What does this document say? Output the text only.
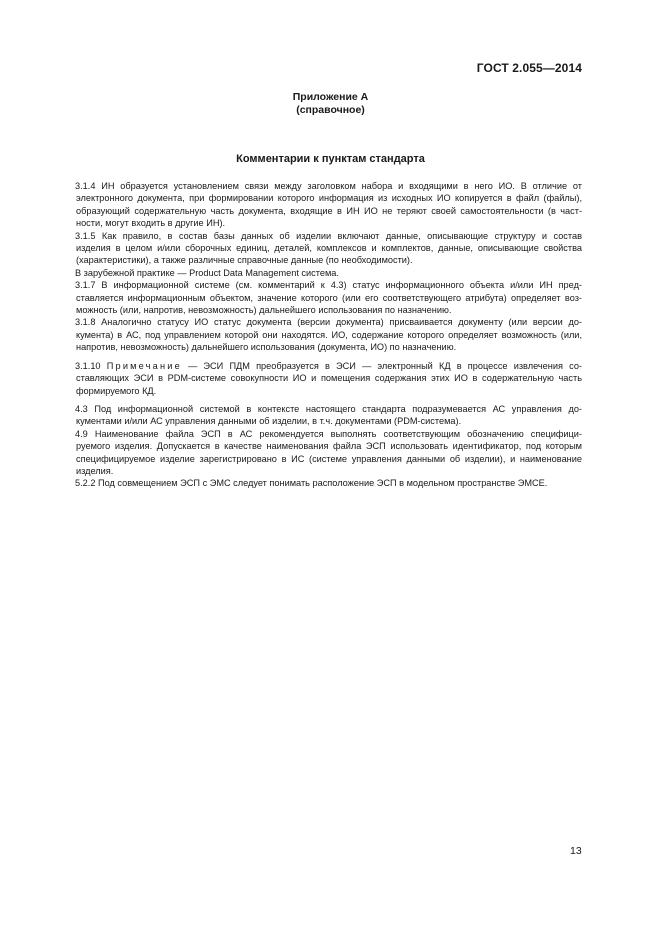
ГОСТ 2.055—2014
Приложение А
(справочное)
Комментарии к пунктам стандарта
3.1.4 ИН образуется установлением связи между заголовком набора и входящими в него ИО. В отличие от
электронного документа, при формировании которого информация из исходных ИО копируется в файл (файлы),
образующий содержательную часть документа, входящие в ИН ИО не теряют своей самостоятельности (в част-
ности, могут входить в другие ИН).
3.1.5 Как правило, в состав базы данных об изделии включают данные, описывающие структуру и состав
изделия в целом и/или сборочных единиц, деталей, комплексов и комплектов, данные, описывающие свойства
(характеристики), а также различные справочные данные (по необходимости).
В зарубежной практике — Product Data Management система.
3.1.7 В информационной системе (см. комментарий к 4.3) статус информационного объекта и/или ИН пред-
ставляется информационным объектом, значение которого (или его соответствующего атрибута) определяет воз-
можность (или, напротив, невозможность) дальнейшего использования по назначению.
3.1.8 Аналогично статусу ИО статус документа (версии документа) присваивается документу (или версии до-
кумента) в АС, под управлением которой они находятся. ИО, содержание которого определяет возможность (или,
напротив, невозможность) дальнейшего использования (документа, ИО) по назначению.
3.1.10 Примечание — ЭСИ ПДМ преобразуется в ЭСИ — электронный КД в процессе извлечения со-
ставляющих ЭСИ в PDM-системе совокупности ИО и помещения содержания этих ИО в содержательную часть
формируемого КД.
4.3 Под информационной системой в контексте настоящего стандарта подразумевается АС управления до-
кументами и/или АС управления данными об изделии, в т.ч. документами (PDM-система).
4.9 Наименование файла ЭСП в АС рекомендуется выполнять соответствующим обозначению специфици-
руемого изделия. Допускается в качестве наименования файла ЭСП использовать идентификатор, под которым
специфицируемое изделие зарегистрировано в ИС (системе управления данными об изделии), и наименование
изделия.
5.2.2 Под совмещением ЭСП с ЭМС следует понимать расположение ЭСП в модельном пространстве ЭМСЕ.
13
